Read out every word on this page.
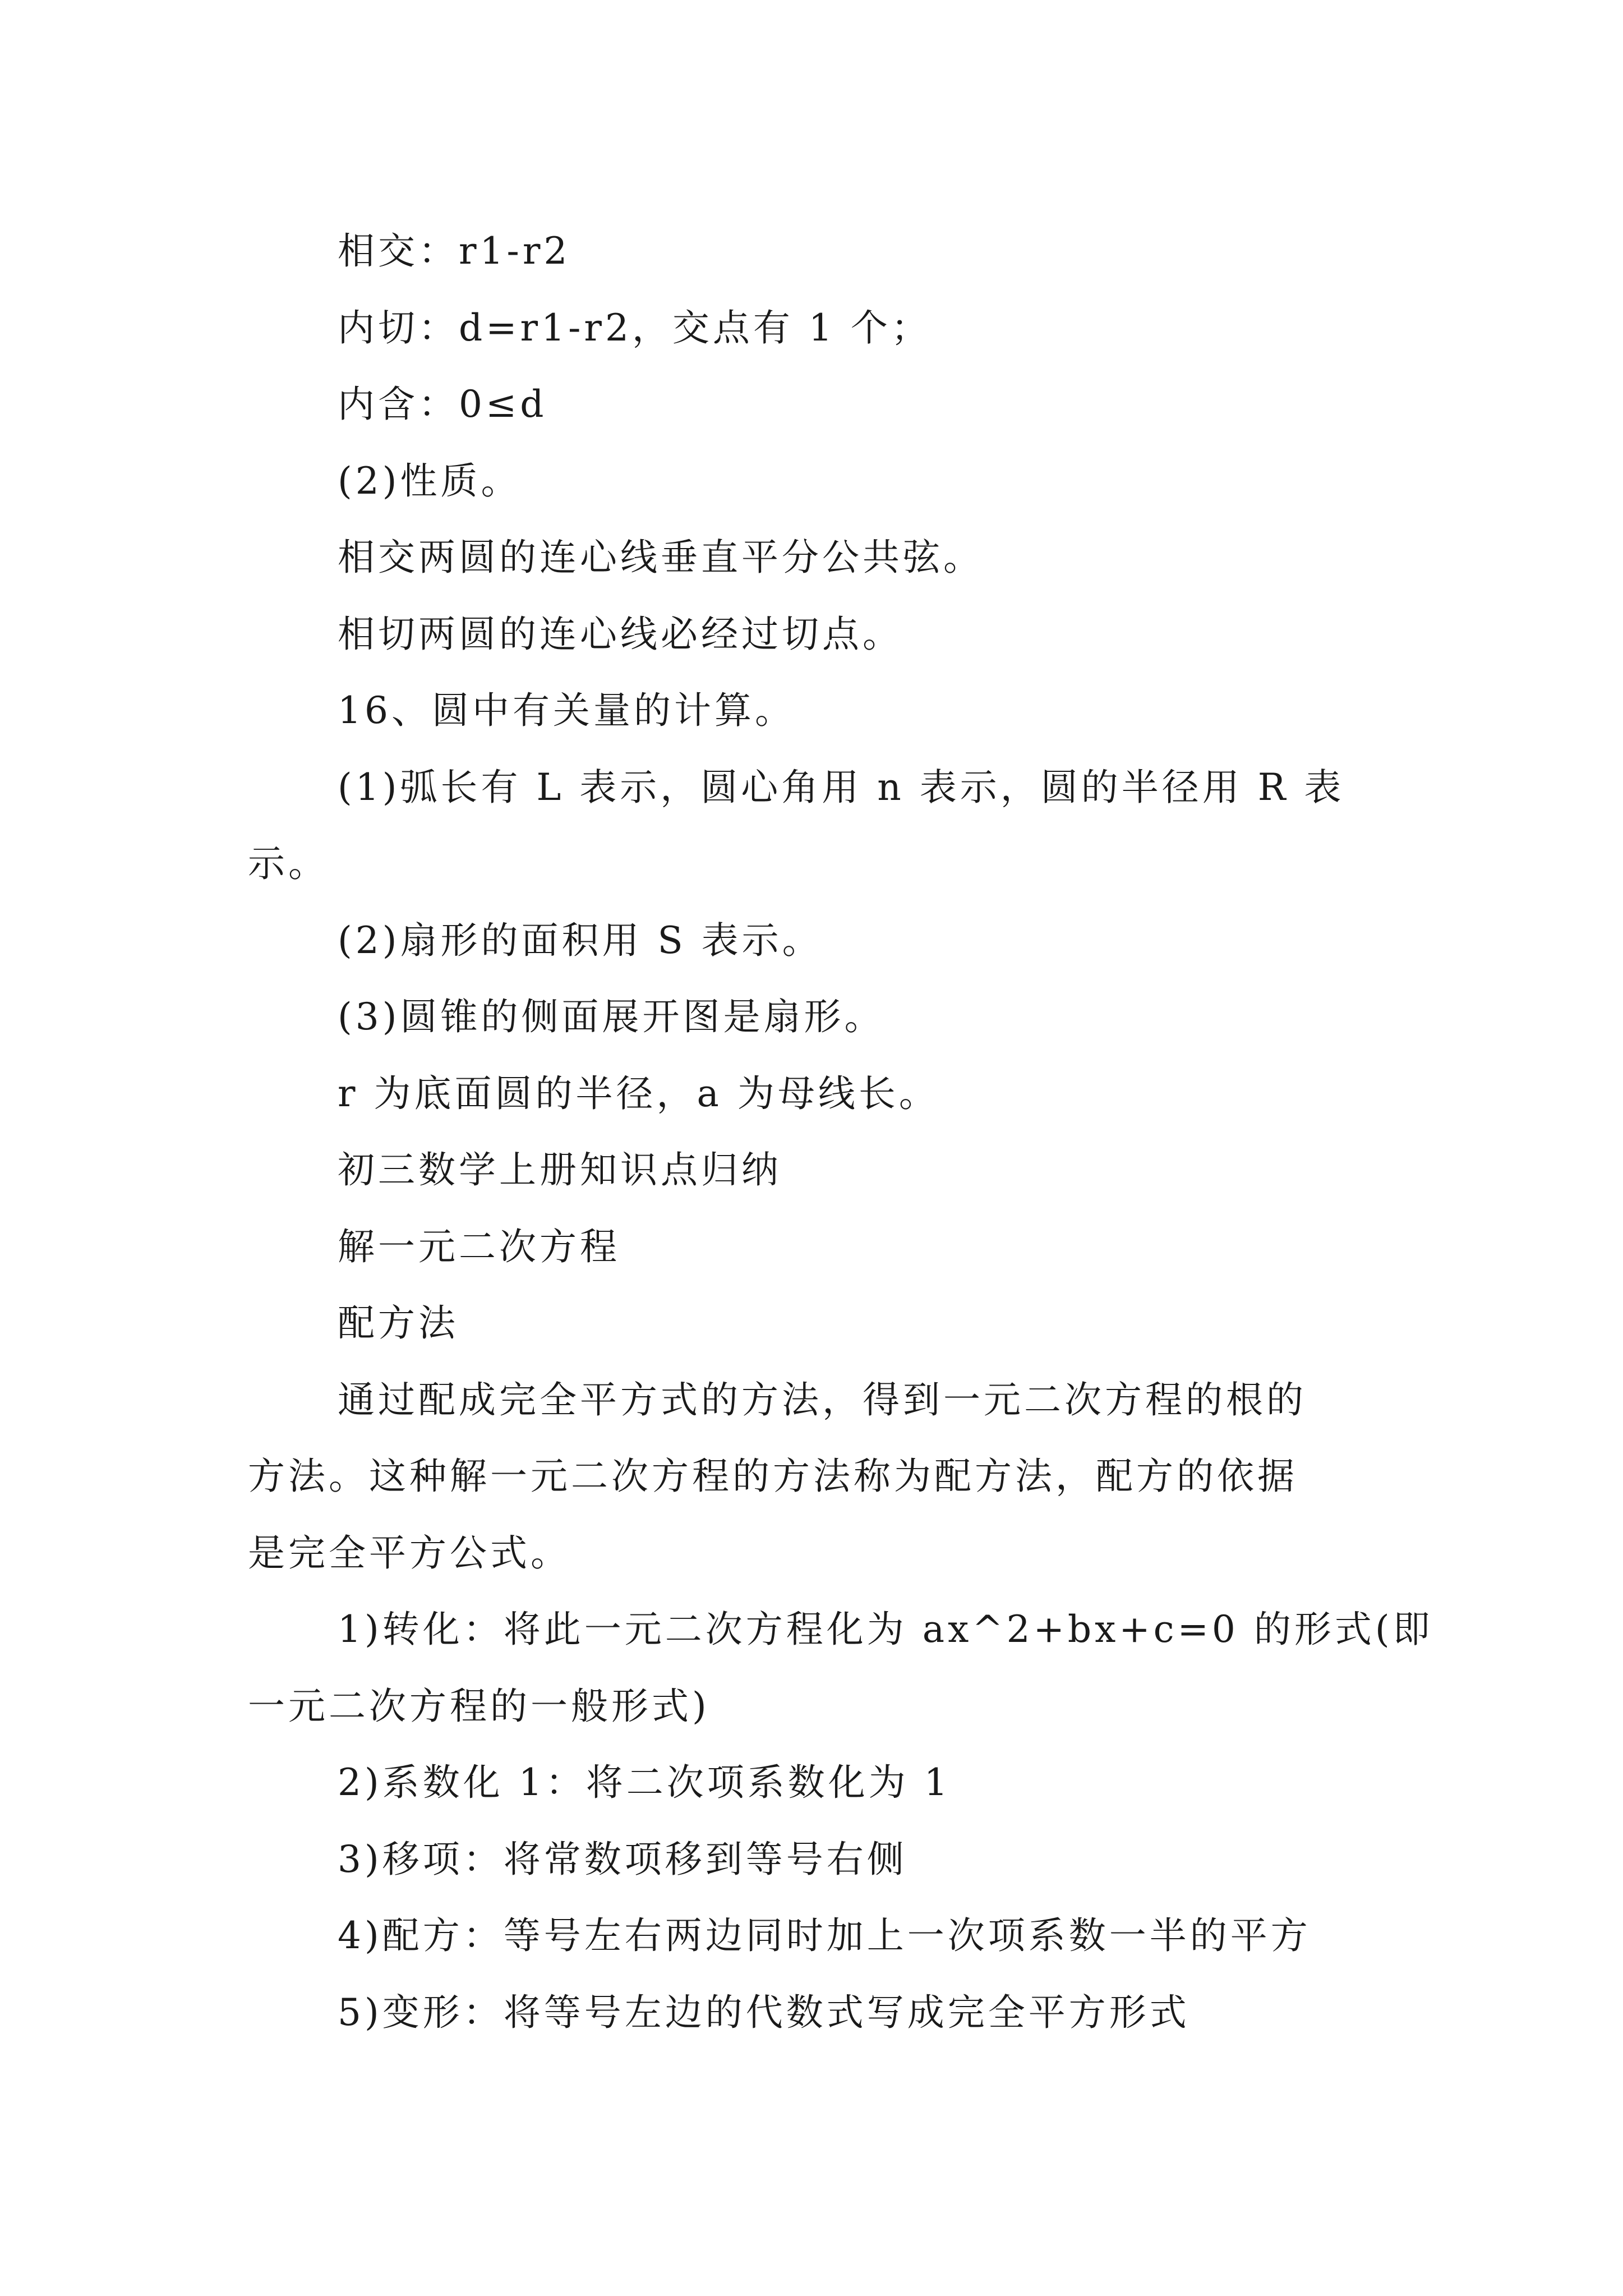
相交：r1-r2
内切：d=r1-r2，交点有 1 个；
内含：0≤d
(2)性质。
相交两圆的连心线垂直平分公共弦。
相切两圆的连心线必经过切点。
16、圆中有关量的计算。
(1)弧长有 L 表示，圆心角用 n 表示，圆的半径用 R 表
示。
(2)扇形的面积用 S 表示。
(3)圆锥的侧面展开图是扇形。
r 为底面圆的半径，a 为母线长。
初三数学上册知识点归纳
解一元二次方程
配方法
通过配成完全平方式的方法，得到一元二次方程的根的
方法。这种解一元二次方程的方法称为配方法，配方的依据
是完全平方公式。
1)转化：将此一元二次方程化为 ax^2+bx+c=0 的形式(即
一元二次方程的一般形式)
2)系数化 1：将二次项系数化为 1
3)移项：将常数项移到等号右侧
4)配方：等号左右两边同时加上一次项系数一半的平方
5)变形：将等号左边的代数式写成完全平方形式
